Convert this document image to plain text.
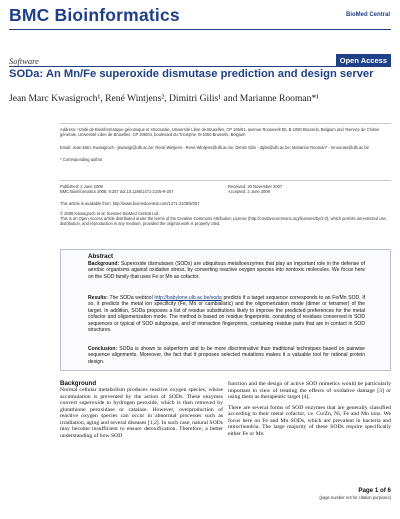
BMC Bioinformatics	BioMed Central
Software	Open Access
SODa: An Mn/Fe superoxide dismutase prediction and design server
Jean Marc Kwasigroch¹, René Wintjens², Dimitri Gilis¹ and Marianne Rooman*¹
Address: ¹Unité de Bioinformatique génomique et structurale, Université Libre de Bruxelles, CP 165/61, avenue Roosevelt 50, B-1050 Brussels, Belgium and ²Service de Chimie générale, Université Libre de Bruxelles, CP 206/04, boulevard du Triomphe, B-1050 Brussels, Belgium
Email: Jean Marc Kwasigroch - jkwasigr@ulb.ac.be; René Wintjens - Rene.Wintjens@ulb.ac.be; Dimitri Gilis - dgilis@ulb.ac.be; Marianne Rooman* - mrooman@ulb.ac.be
* Corresponding author
Published: 2 June 2008
BMC Bioinformatics 2008, 9:257 doi:10.1186/1471-2105-9-257
Received: 30 November 2007
Accepted: 2 June 2008
This article is available from: http://www.biomedcentral.com/1471-2105/9/257
© 2008 Kwasigroch et al; licensee BioMed Central Ltd.
This is an Open Access article distributed under the terms of the Creative Commons Attribution License (http://creativecommons.org/licenses/by/2.0), which permits unrestricted use, distribution, and reproduction in any medium, provided the original work is properly cited.
Abstract
Background: Superoxide dismutases (SODs) are ubiquitous metalloenzymes that play an important role in the defense of aerobic organisms against oxidative stress, by converting reactive oxygen species into nontoxic molecules. We focus here on the SOD family that uses Fe or Mn as cofactor.
Results: The SODa webtool http://babylone.ulb.ac.be/soda predicts if a target sequence corresponds to an Fe/Mn SOD. If so, it predicts the metal ion specificity (Fe, Mn or cambialistic) and the oligomerization mode (dimer or tetramer) of the target. In addition, SODa proposes a list of residue substitutions likely to improve the predicted preferences for the metal cofactor and oligomerization mode. The method is based on residue fingerprints, consisting of residues conserved in SOD sequences or typical of SOD subgroups, and of interaction fingerprints, containing residue pairs that are in contact in SOD structures.
Conclusion: SODa is shown to outperform and to be more discriminative than traditional techniques based on pairwise sequence alignments. Moreover, the fact that it proposes selected mutations makes it a valuable tool for rational protein design.
Background
Normal cellular metabolism produces reactive oxygen species, whose accumulation is prevented by the action of SODs. These enzymes convert superoxide to hydrogen peroxide, which is then removed by glutathione peroxidase or catalase. However, overproduction of reactive oxygen species can occur in abnormal processes such as irradiation, aging and several diseases [1,2]. In such case, natural SODs may become insufficient to ensure detoxification. Therefore, a better understanding of how SOD

function and the design of active SOD mimetics would be particularly important in view of treating the effects of oxidative damage [3] or using them as therapeutic target [4].

There are several forms of SOD enzymes that are generally classified according to their metal cofactor, i.e. Cu/Zn, Ni, Fe and Mn ions. We focus here on Fe and Mn SODs, which are prevalent in bacteria and mitochondria. The large majority of these SODs require specifically either Fe or Mn

Page 1 of 6
(page number not for citation purposes)
